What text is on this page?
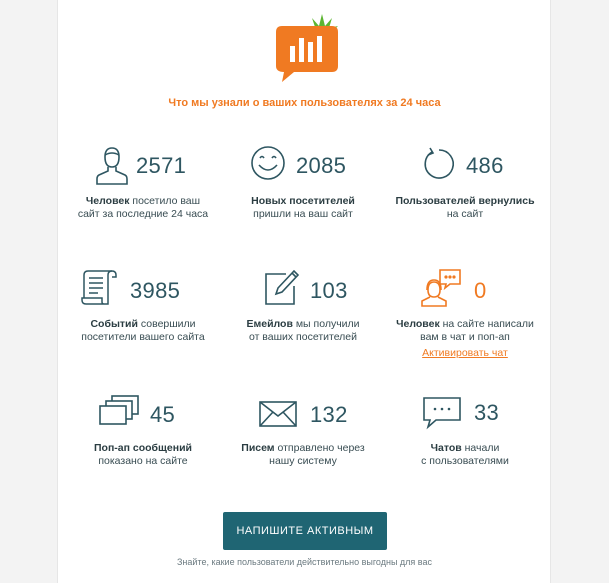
Что мы узнали о ваших пользователях за 24 часа
2571
Человек посетило ваш
сайт за последние 24 часа
2085
Новых посетителей
пришли на ваш сайт
486
Пользователей вернулись
на сайт
3985
Событий совершили
посетители вашего сайта
103
Емейлов мы получили
от ваших посетителей
0
Человек на сайте написали
вам в чат и поп-ап
Активировать чат
45
Поп-ап сообщений
показано на сайте
132
Писем отправлено через
нашу систему
33
Чатов начали
с пользователями
НАПИШИТЕ АКТИВНЫМ
Знайте, какие пользователи действительно выгодны для вас
